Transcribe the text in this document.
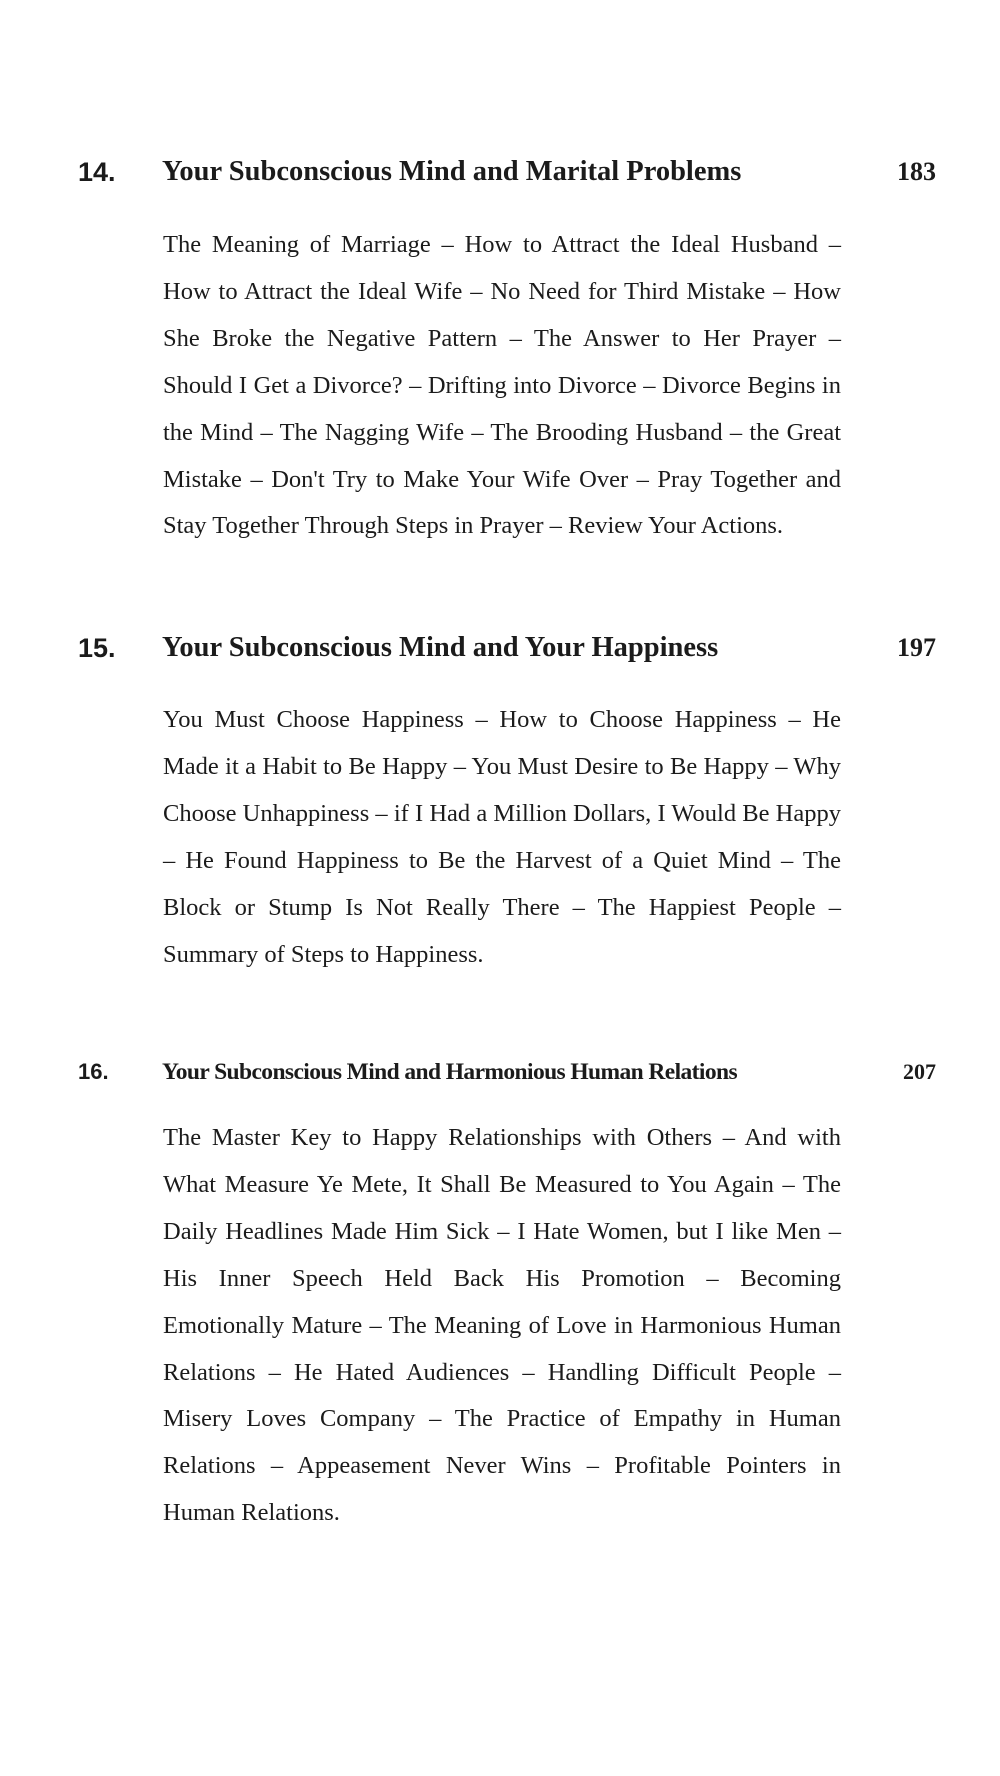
14. Your Subconscious Mind and Marital Problems	183

The Meaning of Marriage – How to Attract the Ideal Husband – How to Attract the Ideal Wife – No Need for Third Mistake – How She Broke the Negative Pattern – The Answer to Her Prayer – Should I Get a Divorce? – Drifting into Divorce – Divorce Begins in the Mind – The Nagging Wife – The Brooding Husband – the Great Mistake – Don't Try to Make Your Wife Over – Pray Together and Stay Together Through Steps in Prayer – Review Your Actions.

15. Your Subconscious Mind and Your Happiness	197

You Must Choose Happiness – How to Choose Happiness – He Made it a Habit to Be Happy – You Must Desire to Be Happy – Why Choose Unhappiness – if I Had a Million Dollars, I Would Be Happy – He Found Happiness to Be the Harvest of a Quiet Mind – The Block or Stump Is Not Really There – The Happiest People – Summary of Steps to Happiness.

16. Your Subconscious Mind and Harmonious Human Relations	207

The Master Key to Happy Relationships with Others – And with What Measure Ye Mete, It Shall Be Measured to You Again – The Daily Headlines Made Him Sick – I Hate Women, but I like Men – His Inner Speech Held Back His Promotion – Becoming Emotionally Mature – The Meaning of Love in Harmonious Human Relations – He Hated Audiences – Handling Difficult People – Misery Loves Company – The Practice of Empathy in Human Relations – Appeasement Never Wins – Profitable Pointers in Human Relations.
